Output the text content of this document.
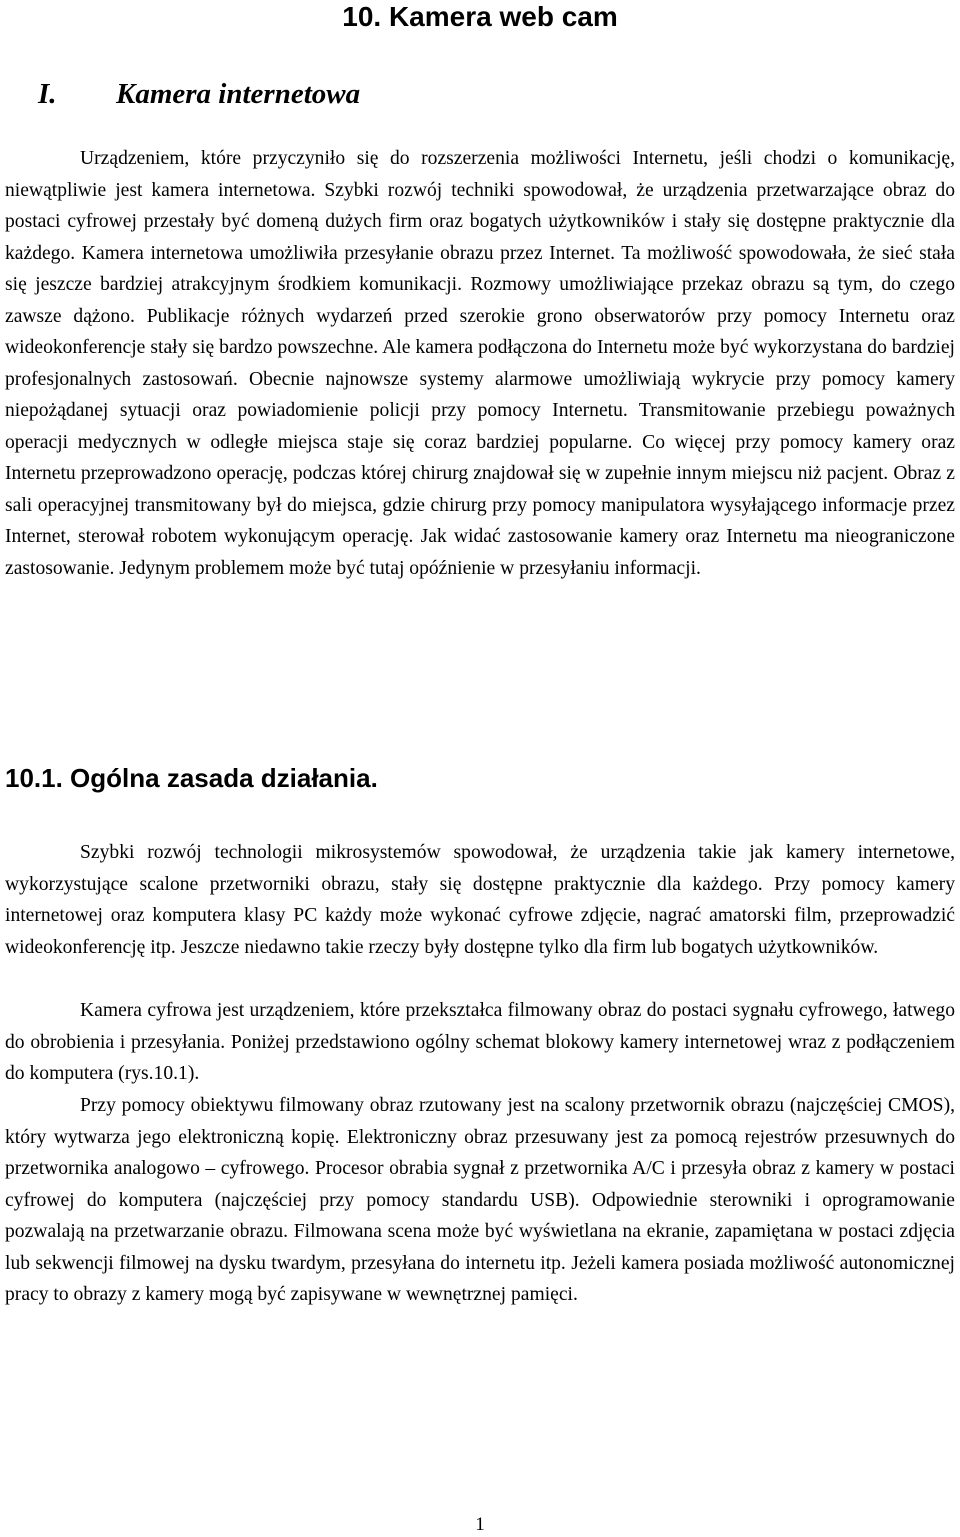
10. Kamera web cam
I. Kamera internetowa

Urządzeniem, które przyczyniło się do rozszerzenia możliwości Internetu, jeśli chodzi o komunikację, niewątpliwie jest kamera internetowa. Szybki rozwój techniki spowodował, że urządzenia przetwarzające obraz do postaci cyfrowej przestały być domeną dużych firm oraz bogatych użytkowników i stały się dostępne praktycznie dla każdego. Kamera internetowa umożliwiła przesyłanie obrazu przez Internet. Ta możliwość spowodowała, że sieć stała się jeszcze bardziej atrakcyjnym środkiem komunikacji. Rozmowy umożliwiające przekaz obrazu są tym, do czego zawsze dążono. Publikacje różnych wydarzeń przed szerokie grono obserwatorów przy pomocy Internetu oraz wideokonferencje stały się bardzo powszechne. Ale kamera podłączona do Internetu może być wykorzystana do bardziej profesjonalnych zastosowań. Obecnie najnowsze systemy alarmowe umożliwiają wykrycie przy pomocy kamery niepożądanej sytuacji oraz powiadomienie policji przy pomocy Internetu. Transmitowanie przebiegu poważnych operacji medycznych w odległe miejsca staje się coraz bardziej popularne. Co więcej przy pomocy kamery oraz Internetu przeprowadzono operację, podczas której chirurg znajdował się w zupełnie innym miejscu niż pacjent. Obraz z sali operacyjnej transmitowany był do miejsca, gdzie chirurg przy pomocy manipulatora wysyłającego informacje przez Internet, sterował robotem wykonującym operację. Jak widać zastosowanie kamery oraz Internetu ma nieograniczone zastosowanie. Jedynym problemem może być tutaj opóźnienie w przesyłaniu informacji.

10.1. Ogólna zasada działania.

Szybki rozwój technologii mikrosystemów spowodował, że urządzenia takie jak kamery internetowe, wykorzystujące scalone przetworniki obrazu, stały się dostępne praktycznie dla każdego. Przy pomocy kamery internetowej oraz komputera klasy PC każdy może wykonać cyfrowe zdjęcie, nagrać amatorski film, przeprowadzić wideokonferencję itp. Jeszcze niedawno takie rzeczy były dostępne tylko dla firm lub bogatych użytkowników.

Kamera cyfrowa jest urządzeniem, które przekształca filmowany obraz do postaci sygnału cyfrowego, łatwego do obrobienia i przesyłania. Poniżej przedstawiono ogólny schemat blokowy kamery internetowej wraz z podłączeniem do komputera (rys.10.1).

Przy pomocy obiektywu filmowany obraz rzutowany jest na scalony przetwornik obrazu (najczęściej CMOS), który wytwarza jego elektroniczną kopię. Elektroniczny obraz przesuwany jest za pomocą rejestrów przesuwnych do przetwornika analogowo – cyfrowego. Procesor obrabia sygnał z przetwornika A/C i przesyła obraz z kamery w postaci cyfrowej do komputera (najczęściej przy pomocy standardu USB). Odpowiednie sterowniki i oprogramowanie pozwalają na przetwarzanie obrazu. Filmowana scena może być wyświetlana na ekranie, zapamiętana w postaci zdjęcia lub sekwencji filmowej na dysku twardym, przesyłana do internetu itp. Jeżeli kamera posiada możliwość autonomicznej pracy to obrazy z kamery mogą być zapisywane w wewnętrznej pamięci.

1
